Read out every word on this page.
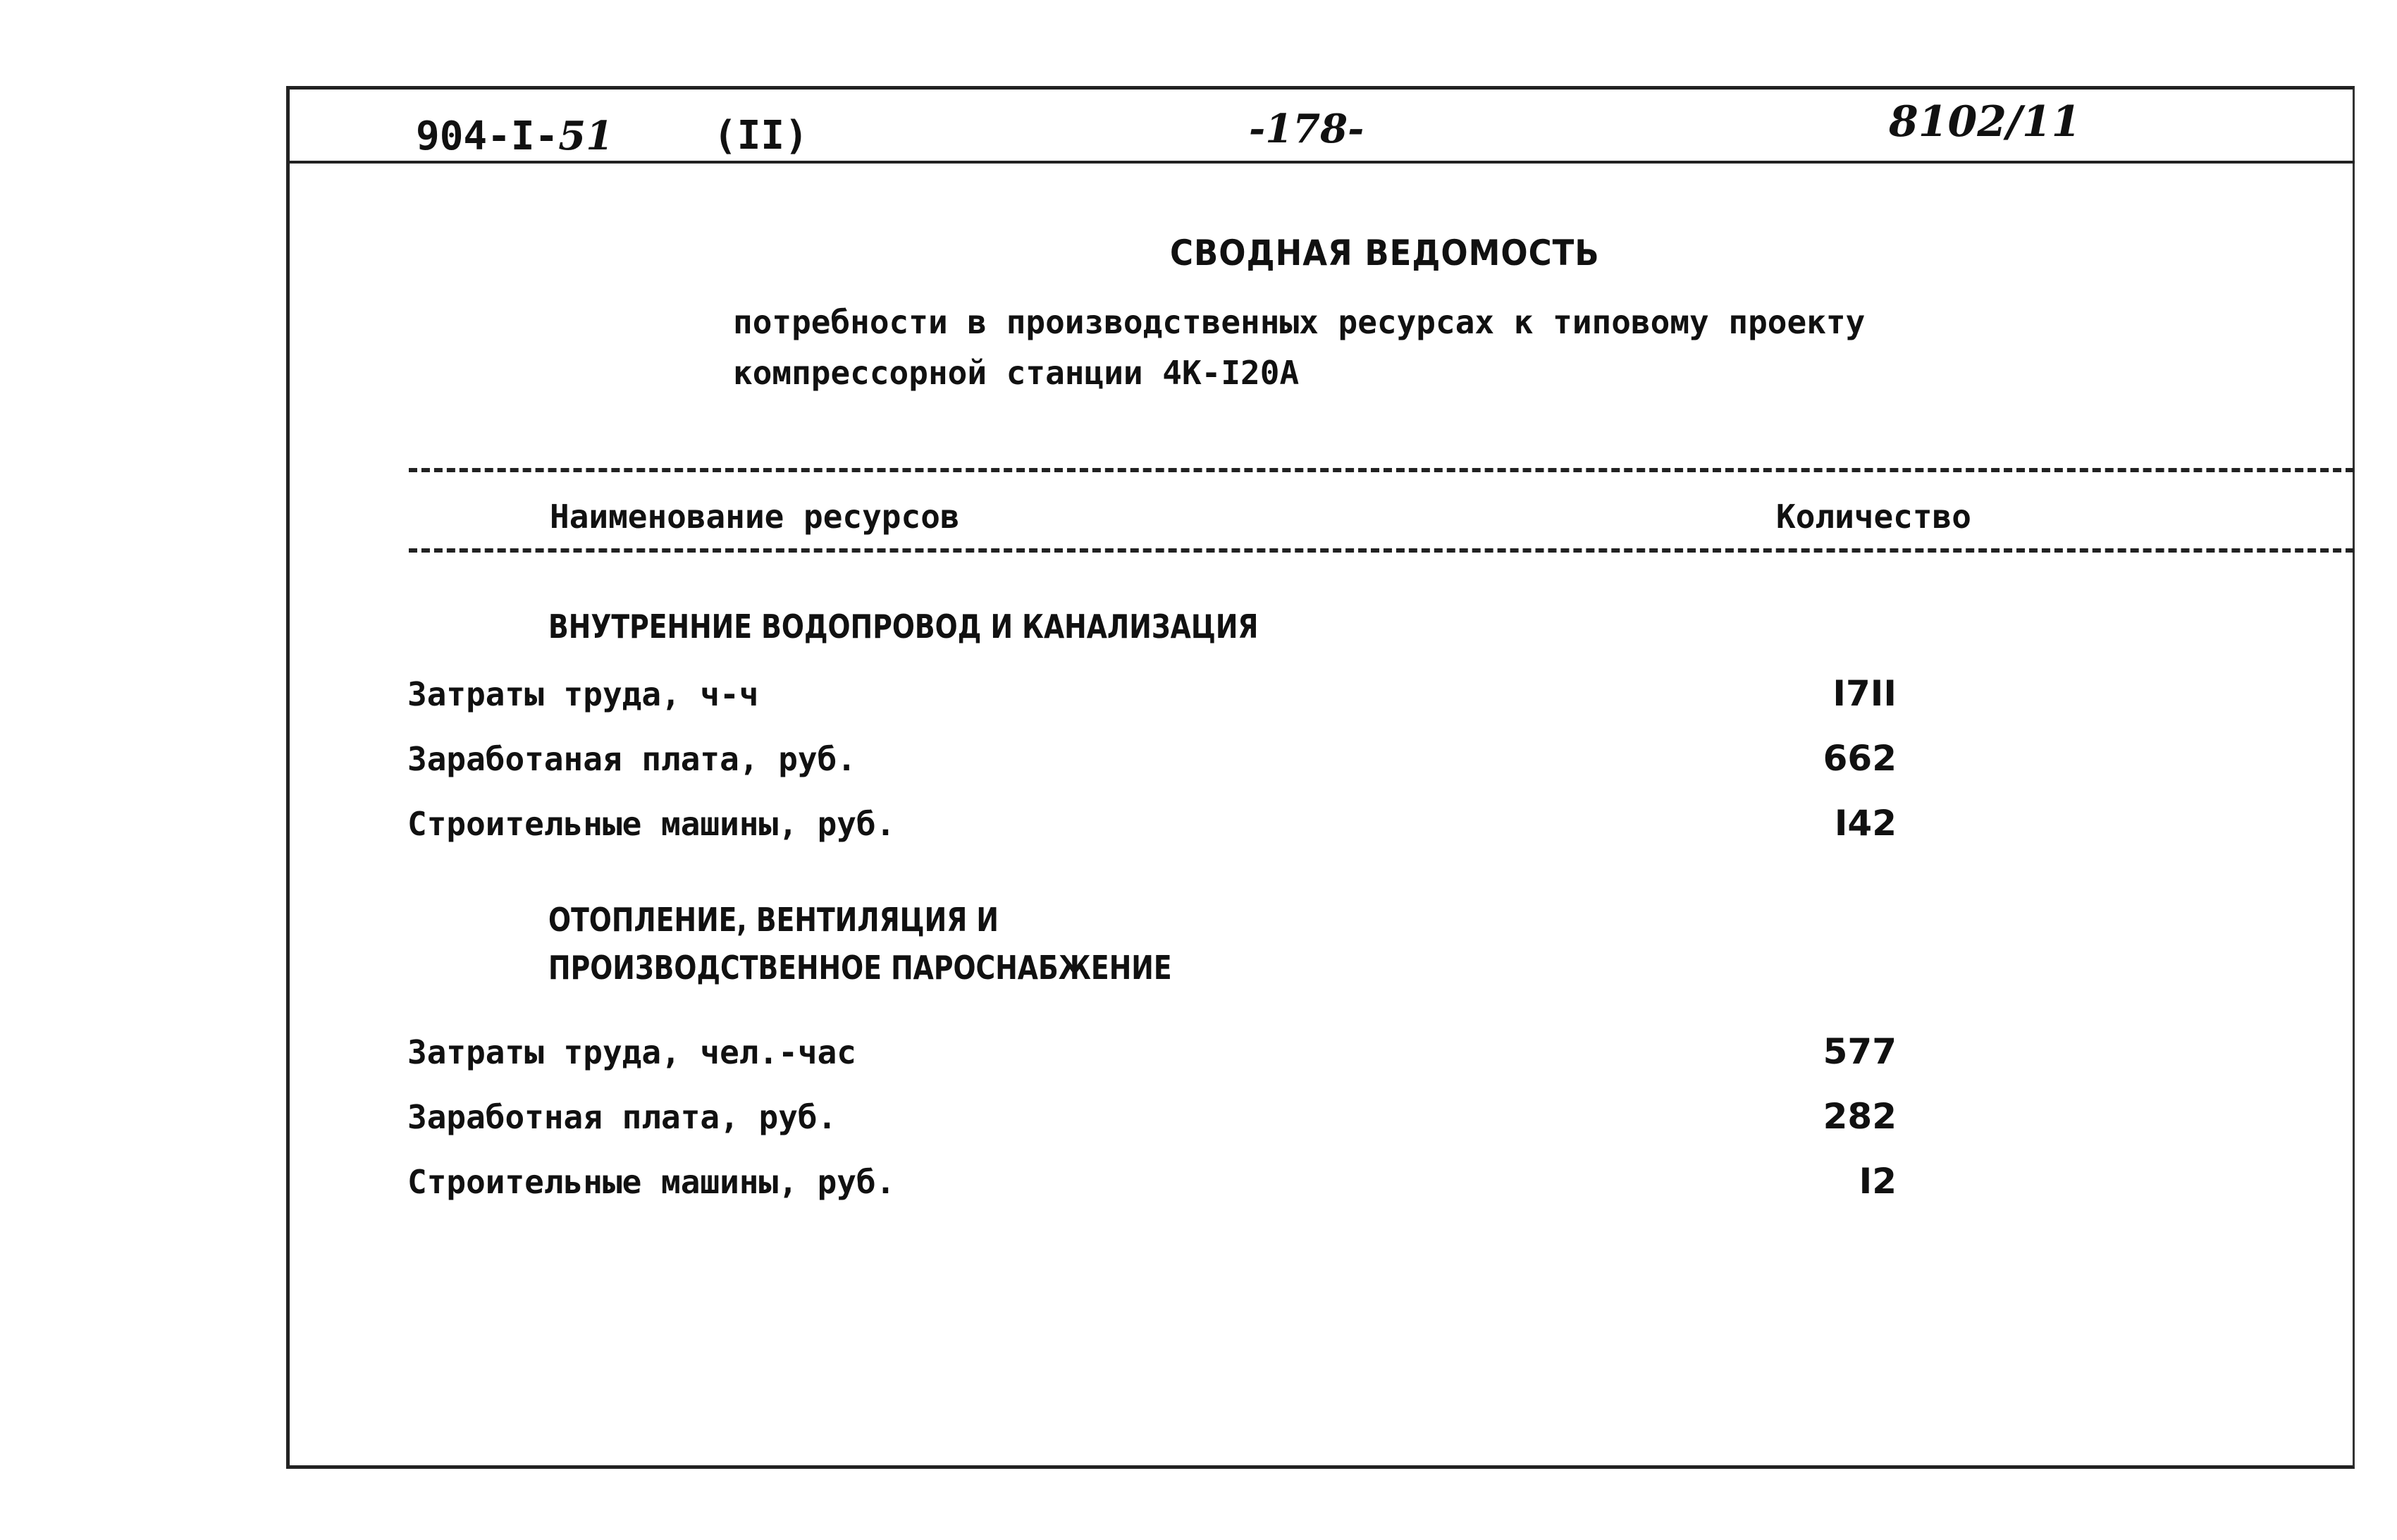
904-I-51	(II)	-178-	8102/11
СВОДНАЯ ВЕДОМОСТЬ
потребности в производственных ресурсах к типовому проекту
компрессорной станции 4К-I20А
Наименование ресурсов	Количество
ВНУТРЕННИЕ ВОДОПРОВОД И КАНАЛИЗАЦИЯ
Затраты труда, ч-ч	I7II
Заработаная плата, руб.	662
Строительные машины, руб.	I42
ОТОПЛЕНИЕ, ВЕНТИЛЯЦИЯ И
ПРОИЗВОДСТВЕННОЕ ПАРОСНАБЖЕНИЕ
Затраты труда, чел.-час	577
Заработная плата, руб.	282
Строительные машины, руб.	I2
